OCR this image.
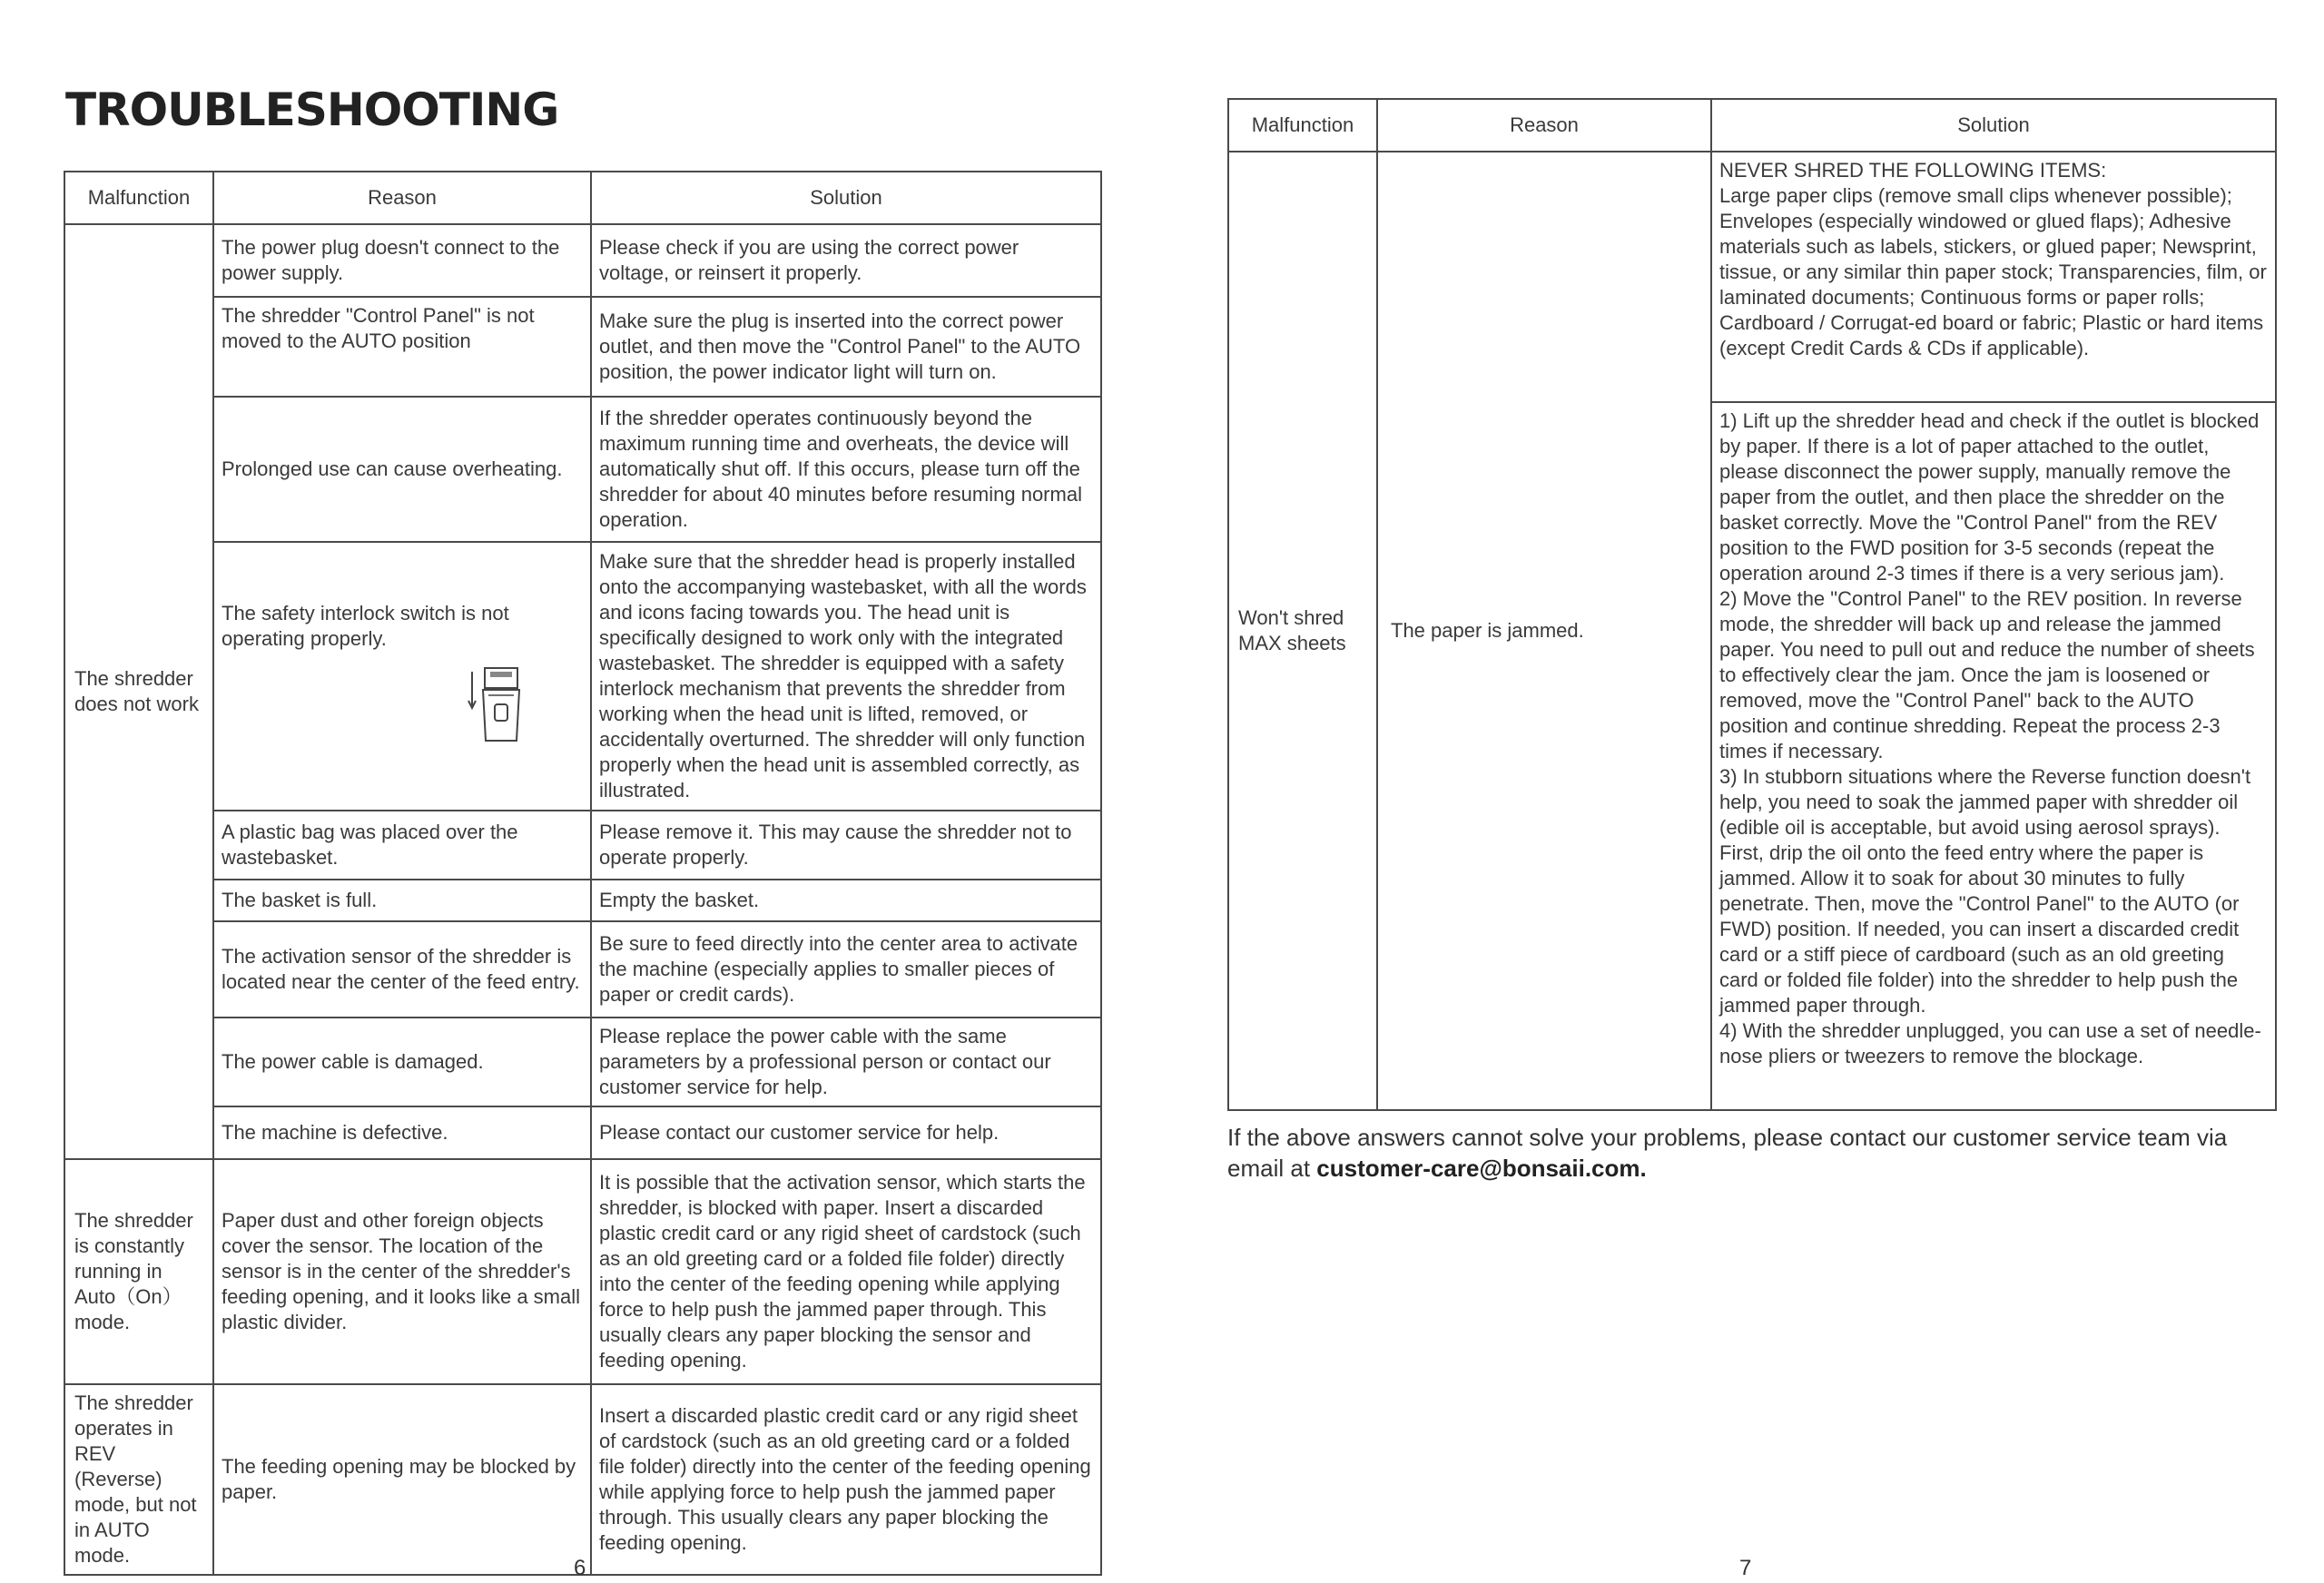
TROUBLESHOOTING
Malfunction	Reason	Solution
The shredder does not work	The power plug doesn't connect to the power supply.	Please check if you are using the correct power voltage, or reinsert it properly.
	The shredder "Control Panel" is not moved to the AUTO position	Make sure the plug is inserted into the correct power outlet, and then move the "Control Panel" to the AUTO position, the power indicator light will turn on.
	Prolonged use can cause overheating.	If the shredder operates continuously beyond the maximum running time and overheats, the device will automatically shut off. If this occurs, please turn off the shredder for about 40 minutes before resuming normal operation.

	The safety interlock switch is not operating properly.	Make sure that the shredder head is properly installed onto the accompanying wastebasket, with all the words and icons facing towards you. The head unit is specifically designed to work only with the integrated wastebasket. The shredder is equipped with a safety interlock mechanism that prevents the shredder from working when the head unit is lifted, removed, or accidentally overturned. The shredder will only function properly when the head unit is assembled correctly, as illustrated.
	A plastic bag was placed over the wastebasket.	Please remove it. This may cause the shredder not to operate properly.
	The basket is full.	Empty the basket.
	The activation sensor of the shredder is located near the center of the feed entry.	Be sure to feed directly into the center area to activate the machine (especially applies to smaller pieces of paper or credit cards).
	The power cable is damaged.	Please replace the power cable with the same parameters by a professional person or contact our customer service for help.
	The machine is defective.	Please contact our customer service for help.
The shredder is constantly running in Auto（On）mode.	Paper dust and other foreign objects cover the sensor. The location of the sensor is in the center of the shredder's feeding opening, and it looks like a small plastic divider.	It is possible that the activation sensor, which starts the shredder, is blocked with paper. Insert a discarded plastic credit card or any rigid sheet of cardstock (such as an old greeting card or a folded file folder) directly into the center of the feeding opening while applying force to help push the jammed paper through. This usually clears any paper blocking the sensor and feeding opening.
The shredder operates in REV (Reverse) mode, but not in AUTO mode.	The feeding opening may be blocked by paper.	Insert a discarded plastic credit card or any rigid sheet of cardstock (such as an old greeting card or a folded file folder) directly into the center of the feeding opening while applying force to help push the jammed paper through. This usually clears any paper blocking the feeding opening.
6
Malfunction	Reason	Solution
Won't shred MAX sheets	The paper is jammed.	NEVER SHRED THE FOLLOWING ITEMS:
Large paper clips (remove small clips whenever possible); Envelopes (especially windowed or glued flaps); Adhesive materials such as labels, stickers, or glued paper; Newsprint, tissue, or any similar thin paper stock; Transparencies, film, or laminated documents; Continuous forms or paper rolls; Cardboard / Corrugat-ed board or fabric; Plastic or hard items (except Credit Cards & CDs if applicable).

		1) Lift up the shredder head and check if the outlet is blocked by paper. If there is a lot of paper attached to the outlet, please disconnect the power supply, manually remove the paper from the outlet, and then place the shredder on the basket correctly. Move the "Control Panel" from the REV position to the FWD position for 3-5 seconds (repeat the operation around 2-3 times if there is a very serious jam).
2) Move the "Control Panel" to the REV position. In reverse mode, the shredder will back up and release the jammed paper. You need to pull out and reduce the number of sheets to effectively clear the jam. Once the jam is loosened or removed, move the "Control Panel" back to the AUTO position and continue shredding. Repeat the process 2-3 times if necessary.
3) In stubborn situations where the Reverse function doesn't help, you need to soak the jammed paper with shredder oil (edible oil is acceptable, but avoid using aerosol sprays). First, drip the oil onto the feed entry where the paper is jammed. Allow it to soak for about 30 minutes to fully penetrate. Then, move the "Control Panel" to the AUTO (or FWD) position. If needed, you can insert a discarded credit card or a stiff piece of cardboard (such as an old greeting card or folded file folder) into the shredder to help push the jammed paper through.
4) With the shredder unplugged, you can use a set of needle-nose pliers or tweezers to remove the blockage.
7
If the above answers cannot solve your problems, please contact our customer service team via email at customer-care@bonsaii.com.
